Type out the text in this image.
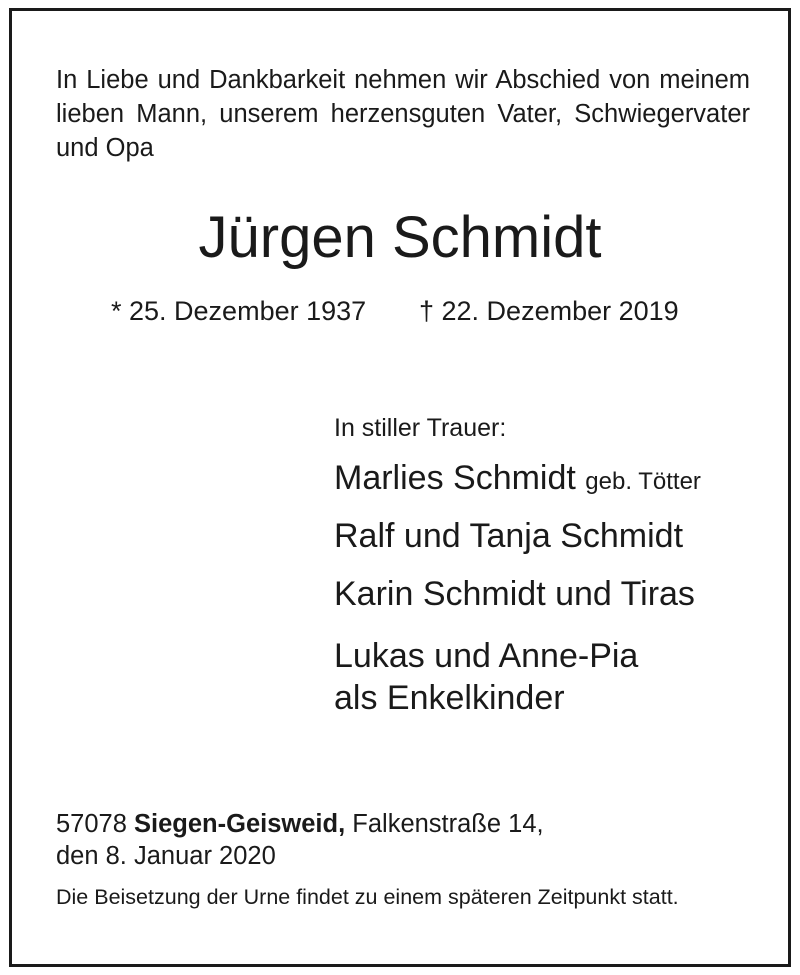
In Liebe und Dankbarkeit nehmen wir Abschied von meinem lieben Mann, unserem herzensguten Vater, Schwiegervater und Opa
Jürgen Schmidt
* 25. Dezember 1937 † 22. Dezember 2019
In stiller Trauer:
Marlies Schmidt geb. Tötter
Ralf und Tanja Schmidt
Karin Schmidt und Tiras
Lukas und Anne-Pia
als Enkelkinder
57078 Siegen-Geisweid, Falkenstraße 14,
den 8. Januar 2020
Die Beisetzung der Urne findet zu einem späteren Zeitpunkt statt.
